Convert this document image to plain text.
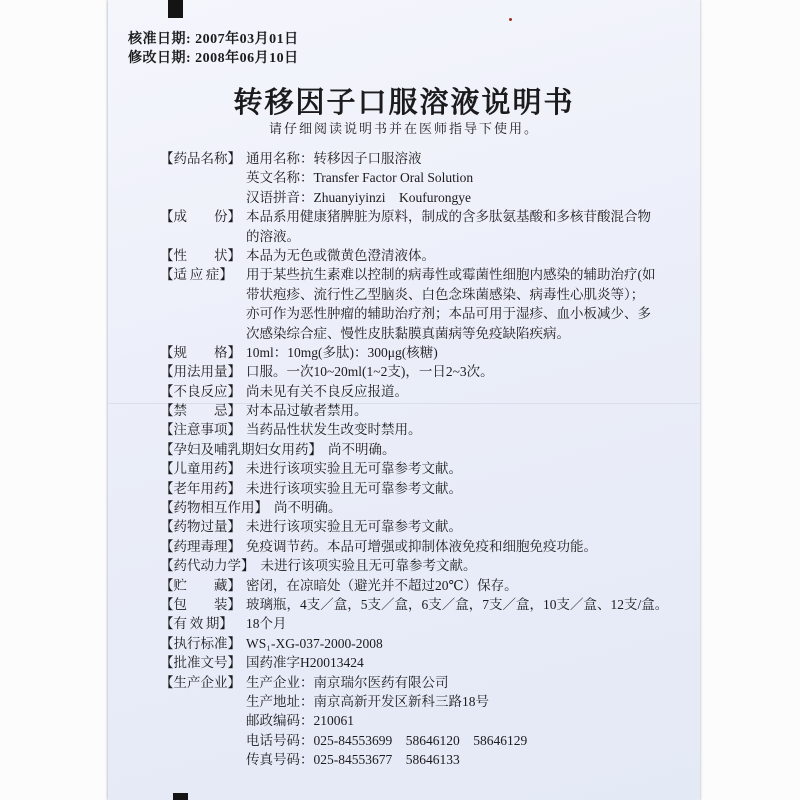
核准日期: 2007年03月01日
修改日期: 2008年06月10日
转移因子口服溶液说明书
请仔细阅读说明书并在医师指导下使用。
【药品名称】 通用名称：转移因子口服溶液
英文名称：Transfer Factor Oral Solution
汉语拼音：Zhuanyiyinzi Koufurongye
【成　　份】 本品系用健康猪脾脏为原料，制成的含多肽氨基酸和多核苷酸混合物
的溶液。
【性　　状】 本品为无色或微黄色澄清液体。
【适 应 症】 用于某些抗生素难以控制的病毒性或霉菌性细胞内感染的辅助治疗(如
带状疱疹、流行性乙型脑炎、白色念珠菌感染、病毒性心肌炎等）；
亦可作为恶性肿瘤的辅助治疗剂；本品可用于湿疹、血小板减少、多
次感染综合症、慢性皮肤黏膜真菌病等免疫缺陷疾病。
【规　　格】 10ml：10mg(多肽)：300μg(核糖)
【用法用量】 口服。一次10~20ml(1~2支)，一日2~3次。
【不良反应】 尚未见有关不良反应报道。
【禁　　忌】 对本品过敏者禁用。
【注意事项】 当药品性状发生改变时禁用。
【孕妇及哺乳期妇女用药】 尚不明确。
【儿童用药】 未进行该项实验且无可靠参考文献。
【老年用药】 未进行该项实验且无可靠参考文献。
【药物相互作用】 尚不明确。
【药物过量】 未进行该项实验且无可靠参考文献。
【药理毒理】 免疫调节药。本品可增强或抑制体液免疫和细胞免疫功能。
【药代动力学】 未进行该项实验且无可靠参考文献。
【贮　　藏】 密闭，在凉暗处（避光并不超过20℃）保存。
【包　　装】 玻璃瓶，4支／盒，5支／盒，6支／盒，7支／盒，10支／盒、12支/盒。
【有 效 期】 18个月
【执行标准】 WS₁-XG-037-2000-2008
【批准文号】 国药准字H20013424
【生产企业】 生产企业：南京瑞尔医药有限公司
生产地址：南京高新开发区新科三路18号
邮政编码：210061
电话号码：025-84553699 58646120 58646129
传真号码：025-84553677 58646133
